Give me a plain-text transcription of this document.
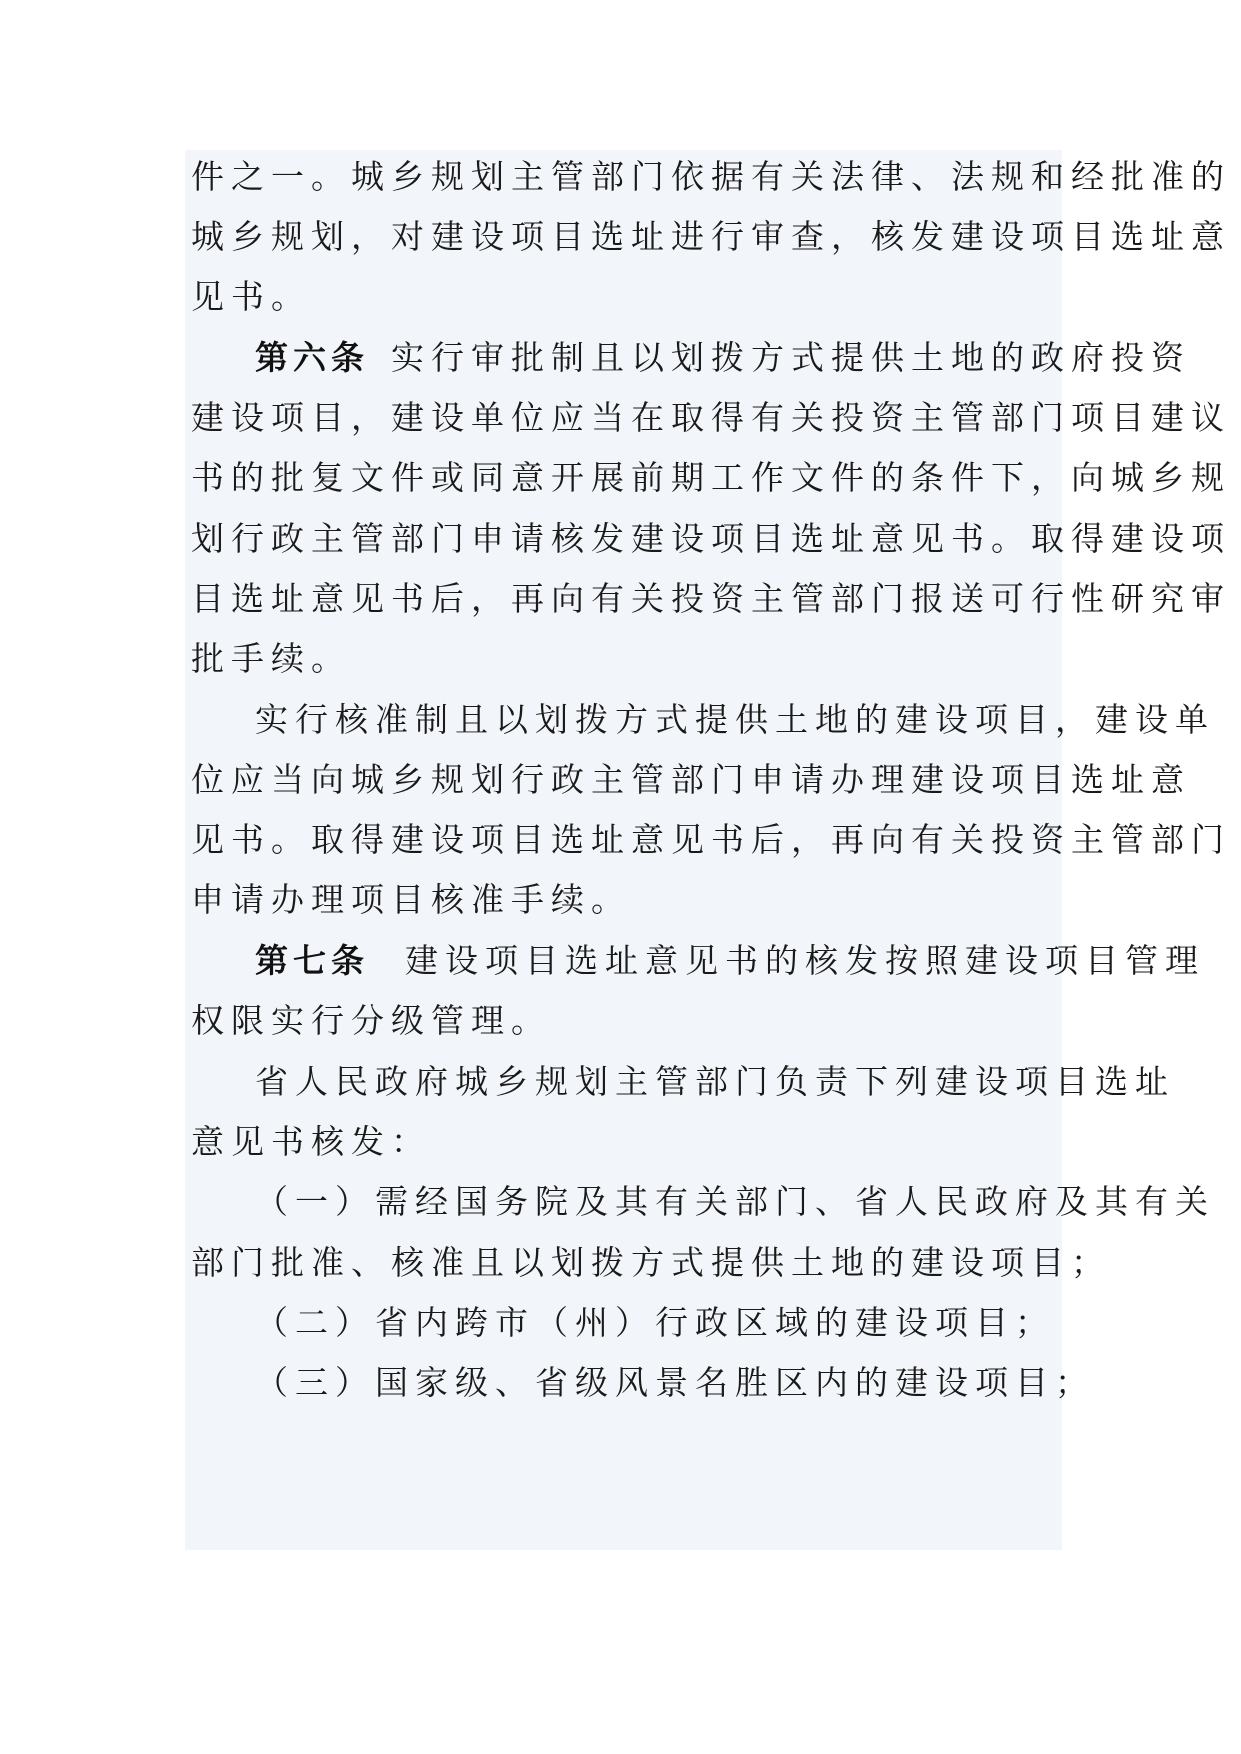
件之一。城乡规划主管部门依据有关法律、法规和经批准的
城乡规划，对建设项目选址进行审查，核发建设项目选址意
见书。
第六条 实行审批制且以划拨方式提供土地的政府投资
建设项目，建设单位应当在取得有关投资主管部门项目建议
书的批复文件或同意开展前期工作文件的条件下，向城乡规
划行政主管部门申请核发建设项目选址意见书。取得建设项
目选址意见书后，再向有关投资主管部门报送可行性研究审
批手续。
实行核准制且以划拨方式提供土地的建设项目，建设单
位应当向城乡规划行政主管部门申请办理建设项目选址意
见书。取得建设项目选址意见书后，再向有关投资主管部门
申请办理项目核准手续。
第七条 建设项目选址意见书的核发按照建设项目管理
权限实行分级管理。
省人民政府城乡规划主管部门负责下列建设项目选址
意见书核发：
（一）需经国务院及其有关部门、省人民政府及其有关
部门批准、核准且以划拨方式提供土地的建设项目；
（二）省内跨市（州）行政区域的建设项目；
（三）国家级、省级风景名胜区内的建设项目；
